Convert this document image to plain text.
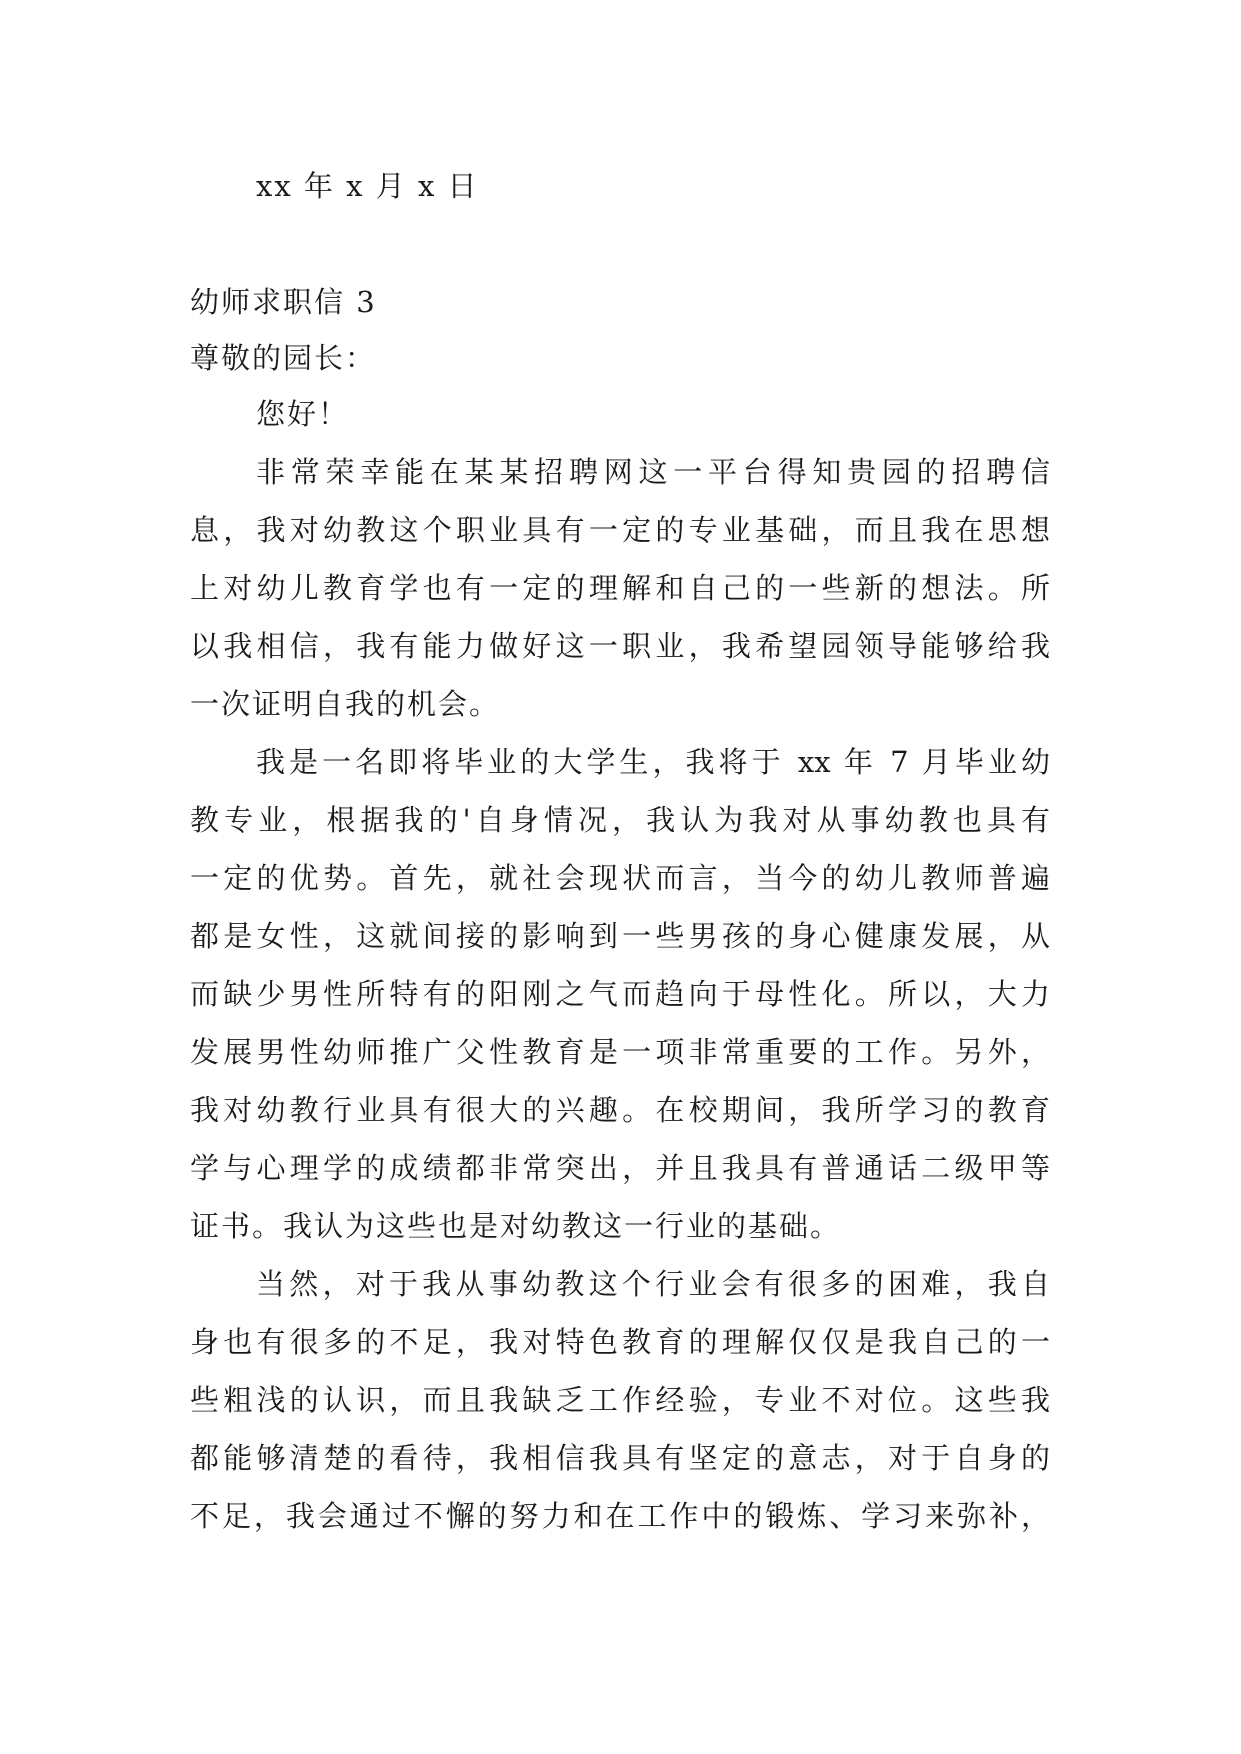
xx 年 x 月 x 日
幼师求职信 3
尊敬的园长：
您好！
非常荣幸能在某某招聘网这一平台得知贵园的招聘信
息，我对幼教这个职业具有一定的专业基础，而且我在思想
上对幼儿教育学也有一定的理解和自己的一些新的想法。所
以我相信，我有能力做好这一职业，我希望园领导能够给我
一次证明自我的机会。
我是一名即将毕业的大学生，我将于 xx 年 7 月毕业幼
教专业，根据我的'自身情况，我认为我对从事幼教也具有
一定的优势。首先，就社会现状而言，当今的幼儿教师普遍
都是女性，这就间接的影响到一些男孩的身心健康发展，从
而缺少男性所特有的阳刚之气而趋向于母性化。所以，大力
发展男性幼师推广父性教育是一项非常重要的工作。另外，
我对幼教行业具有很大的兴趣。在校期间，我所学习的教育
学与心理学的成绩都非常突出，并且我具有普通话二级甲等
证书。我认为这些也是对幼教这一行业的基础。
当然，对于我从事幼教这个行业会有很多的困难，我自
身也有很多的不足，我对特色教育的理解仅仅是我自己的一
些粗浅的认识，而且我缺乏工作经验，专业不对位。这些我
都能够清楚的看待，我相信我具有坚定的意志，对于自身的
不足，我会通过不懈的努力和在工作中的锻炼、学习来弥补，
